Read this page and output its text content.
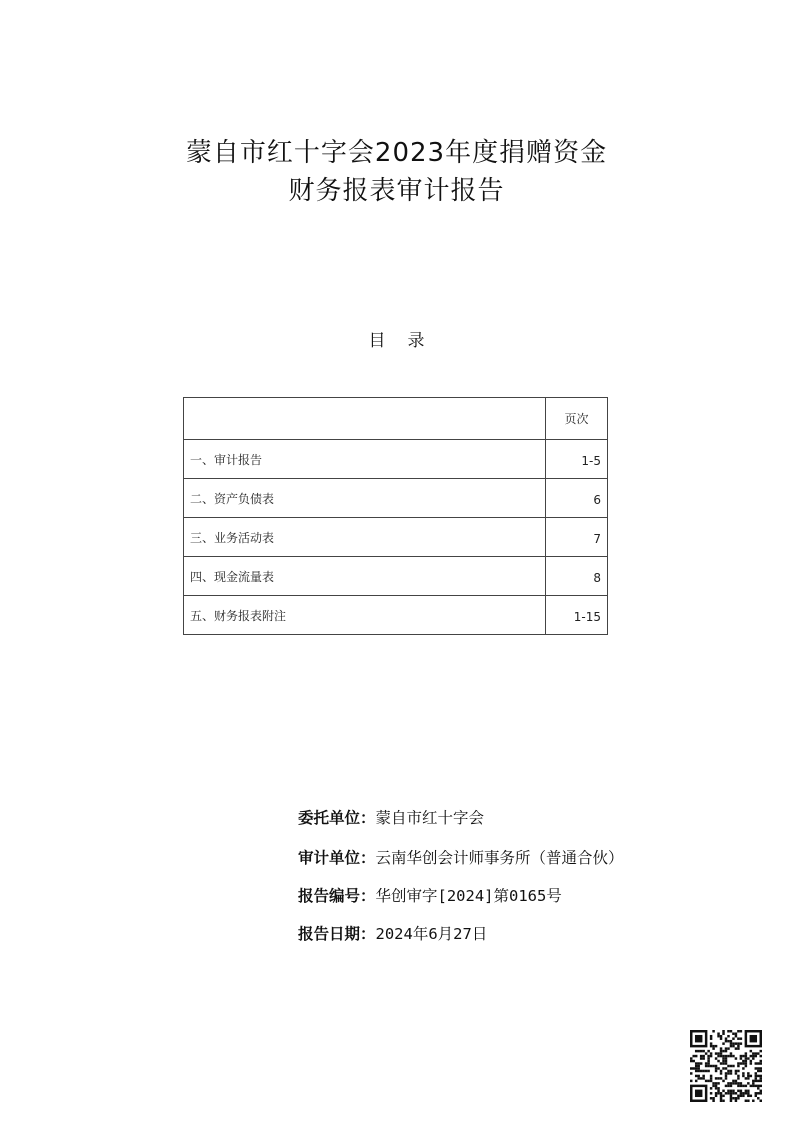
蒙自市红十字会2023年度捐赠资金
财务报表审计报告
目录
	页次
一、审计报告	1-5
二、资产负债表	6
三、业务活动表	7
四、现金流量表	8
五、财务报表附注	1-15
委托单位：蒙自市红十字会
审计单位：云南华创会计师事务所（普通合伙）
报告编号：华创审字[2024]第0165号
报告日期：2024年6月27日
